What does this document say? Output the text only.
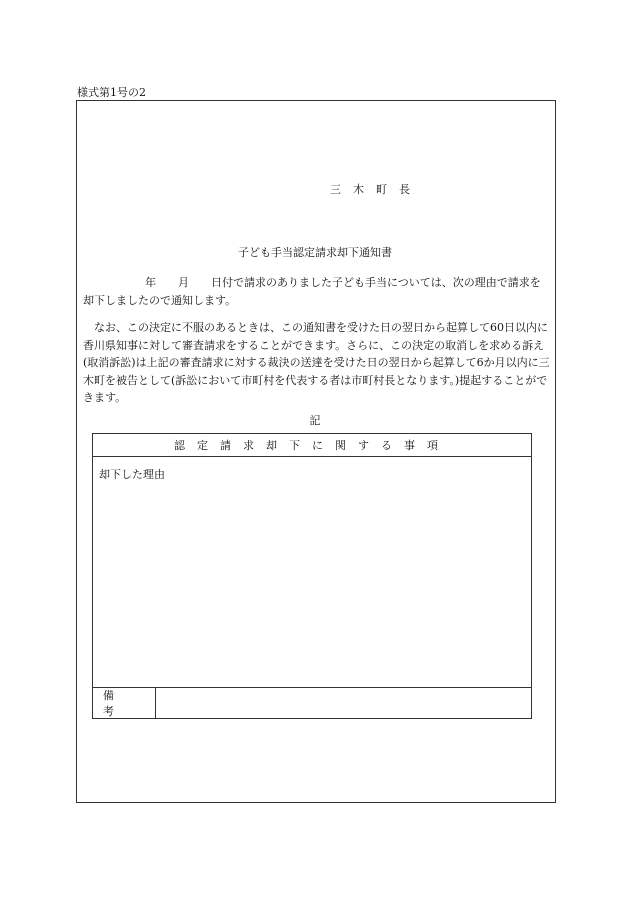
様式第1号の2
三木町長
子ども手当認定請求却下通知書

年 月 日付で請求のありました子ども手当については、次の理由で請求を却下しましたので通知します。

なお、この決定に不服のあるときは、この通知書を受けた日の翌日から起算して60日以内に香川県知事に対して審査請求をすることができます。さらに、この決定の取消しを求める訴え(取消訴訟)は上記の審査請求に対する裁決の送達を受けた日の翌日から起算して6か月以内に三木町を被告として(訴訟において市町村を代表する者は市町村長となります。)提起することができます。

記
認定請求却下に関する事項
却下した理由
備考
